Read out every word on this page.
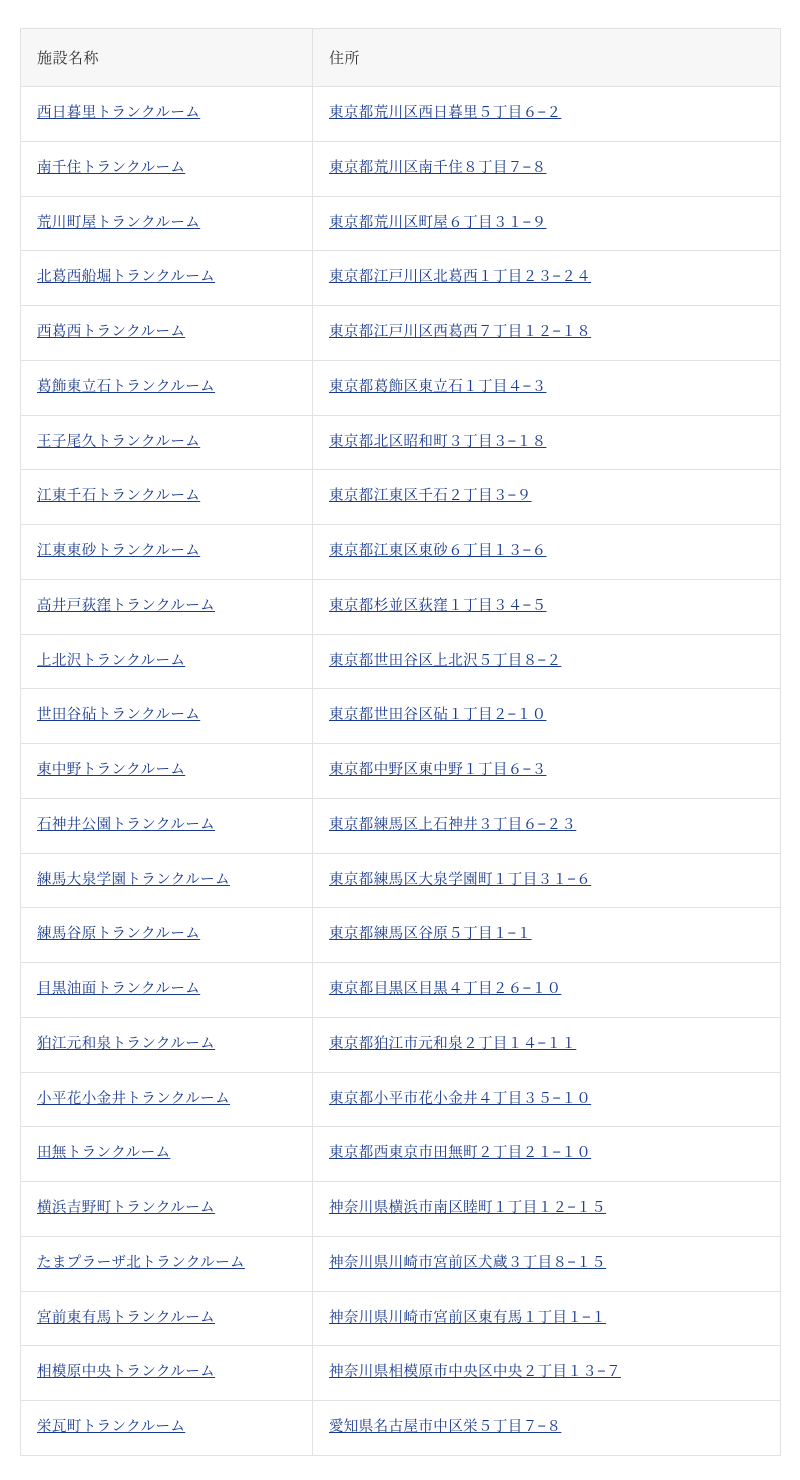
施設名称	住所
西日暮里トランクルーム	東京都荒川区西日暮里５丁目６−２
南千住トランクルーム	東京都荒川区南千住８丁目７−８
荒川町屋トランクルーム	東京都荒川区町屋６丁目３１−９
北葛西船堀トランクルーム	東京都江戸川区北葛西１丁目２３−２４
西葛西トランクルーム	東京都江戸川区西葛西７丁目１２−１８
葛飾東立石トランクルーム	東京都葛飾区東立石１丁目４−３
王子尾久トランクルーム	東京都北区昭和町３丁目３−１８
江東千石トランクルーム	東京都江東区千石２丁目３−９
江東東砂トランクルーム	東京都江東区東砂６丁目１３−６
高井戸荻窪トランクルーム	東京都杉並区荻窪１丁目３４−５
上北沢トランクルーム	東京都世田谷区上北沢５丁目８−２
世田谷砧トランクルーム	東京都世田谷区砧１丁目２−１０
東中野トランクルーム	東京都中野区東中野１丁目６−３
石神井公園トランクルーム	東京都練馬区上石神井３丁目６−２３
練馬大泉学園トランクルーム	東京都練馬区大泉学園町１丁目３１−６
練馬谷原トランクルーム	東京都練馬区谷原５丁目１−１
目黒油面トランクルーム	東京都目黒区目黒４丁目２６−１０
狛江元和泉トランクルーム	東京都狛江市元和泉２丁目１４−１１
小平花小金井トランクルーム	東京都小平市花小金井４丁目３５−１０
田無トランクルーム	東京都西東京市田無町２丁目２１−１０
横浜吉野町トランクルーム	神奈川県横浜市南区睦町１丁目１２−１５
たまプラーザ北トランクルーム	神奈川県川崎市宮前区犬蔵３丁目８−１５
宮前東有馬トランクルーム	神奈川県川崎市宮前区東有馬１丁目１−１
相模原中央トランクルーム	神奈川県相模原市中央区中央２丁目１３−７
栄瓦町トランクルーム	愛知県名古屋市中区栄５丁目７−８
